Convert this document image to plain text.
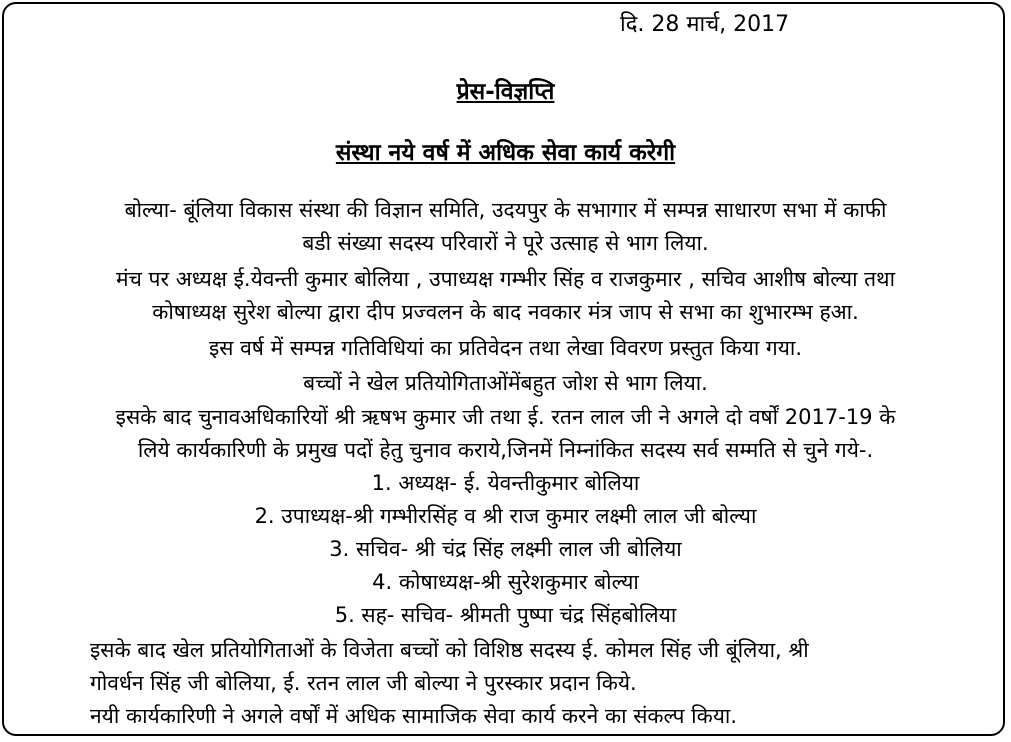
दि. 28 मार्च, 2017
प्रेस-विज्ञप्ति
संस्था नये वर्ष में अधिक सेवा कार्य करेगी
बोल्या- बूंलिया विकास संस्था की विज्ञान समिति, उदयपुर के सभागार में सम्पन्न साधारण सभा में काफी
बडी संख्या सदस्य परिवारों ने पूरे उत्साह से भाग लिया.
मंच पर अध्यक्ष ई.येवन्ती कुमार बोलिया , उपाध्यक्ष गम्भीर सिंह व राजकुमार , सचिव आशीष बोल्या तथा
कोषाध्यक्ष सुरेश बोल्या द्वारा दीप प्रज्वलन के बाद नवकार मंत्र जाप से सभा का शुभारम्भ हआ.
इस वर्ष में सम्पन्न गतिविधियां का प्रतिवेदन तथा लेखा विवरण प्रस्तुत किया गया.
बच्चों ने खेल प्रतियोगिताओंमेंबहुत जोश से भाग लिया.
इसके बाद चुनावअधिकारियों श्री ऋषभ कुमार जी तथा ई. रतन लाल जी ने अगले दो वर्षों 2017-19 के
लिये कार्यकारिणी के प्रमुख पदों हेतु चुनाव कराये,जिनमें निम्नांकित सदस्य सर्व सम्मति से चुने गये-.
1. अध्यक्ष- ई. येवन्तीकुमार बोलिया
2. उपाध्यक्ष-श्री गम्भीरसिंह व श्री राज कुमार लक्ष्मी लाल जी बोल्या
3. सचिव- श्री चंद्र सिंह लक्ष्मी लाल जी बोलिया
4. कोषाध्यक्ष-श्री सुरेशकुमार बोल्या
5. सह- सचिव- श्रीमती पुष्पा चंद्र सिंहबोलिया
इसके बाद खेल प्रतियोगिताओं के विजेता बच्चों को विशिष्ठ सदस्य ई. कोमल सिंह जी बूंलिया, श्री
गोवर्धन सिंह जी बोलिया, ई. रतन लाल जी बोल्या ने पुरस्कार प्रदान किये.
नयी कार्यकारिणी ने अगले वर्षों में अधिक सामाजिक सेवा कार्य करने का संकल्प किया.
